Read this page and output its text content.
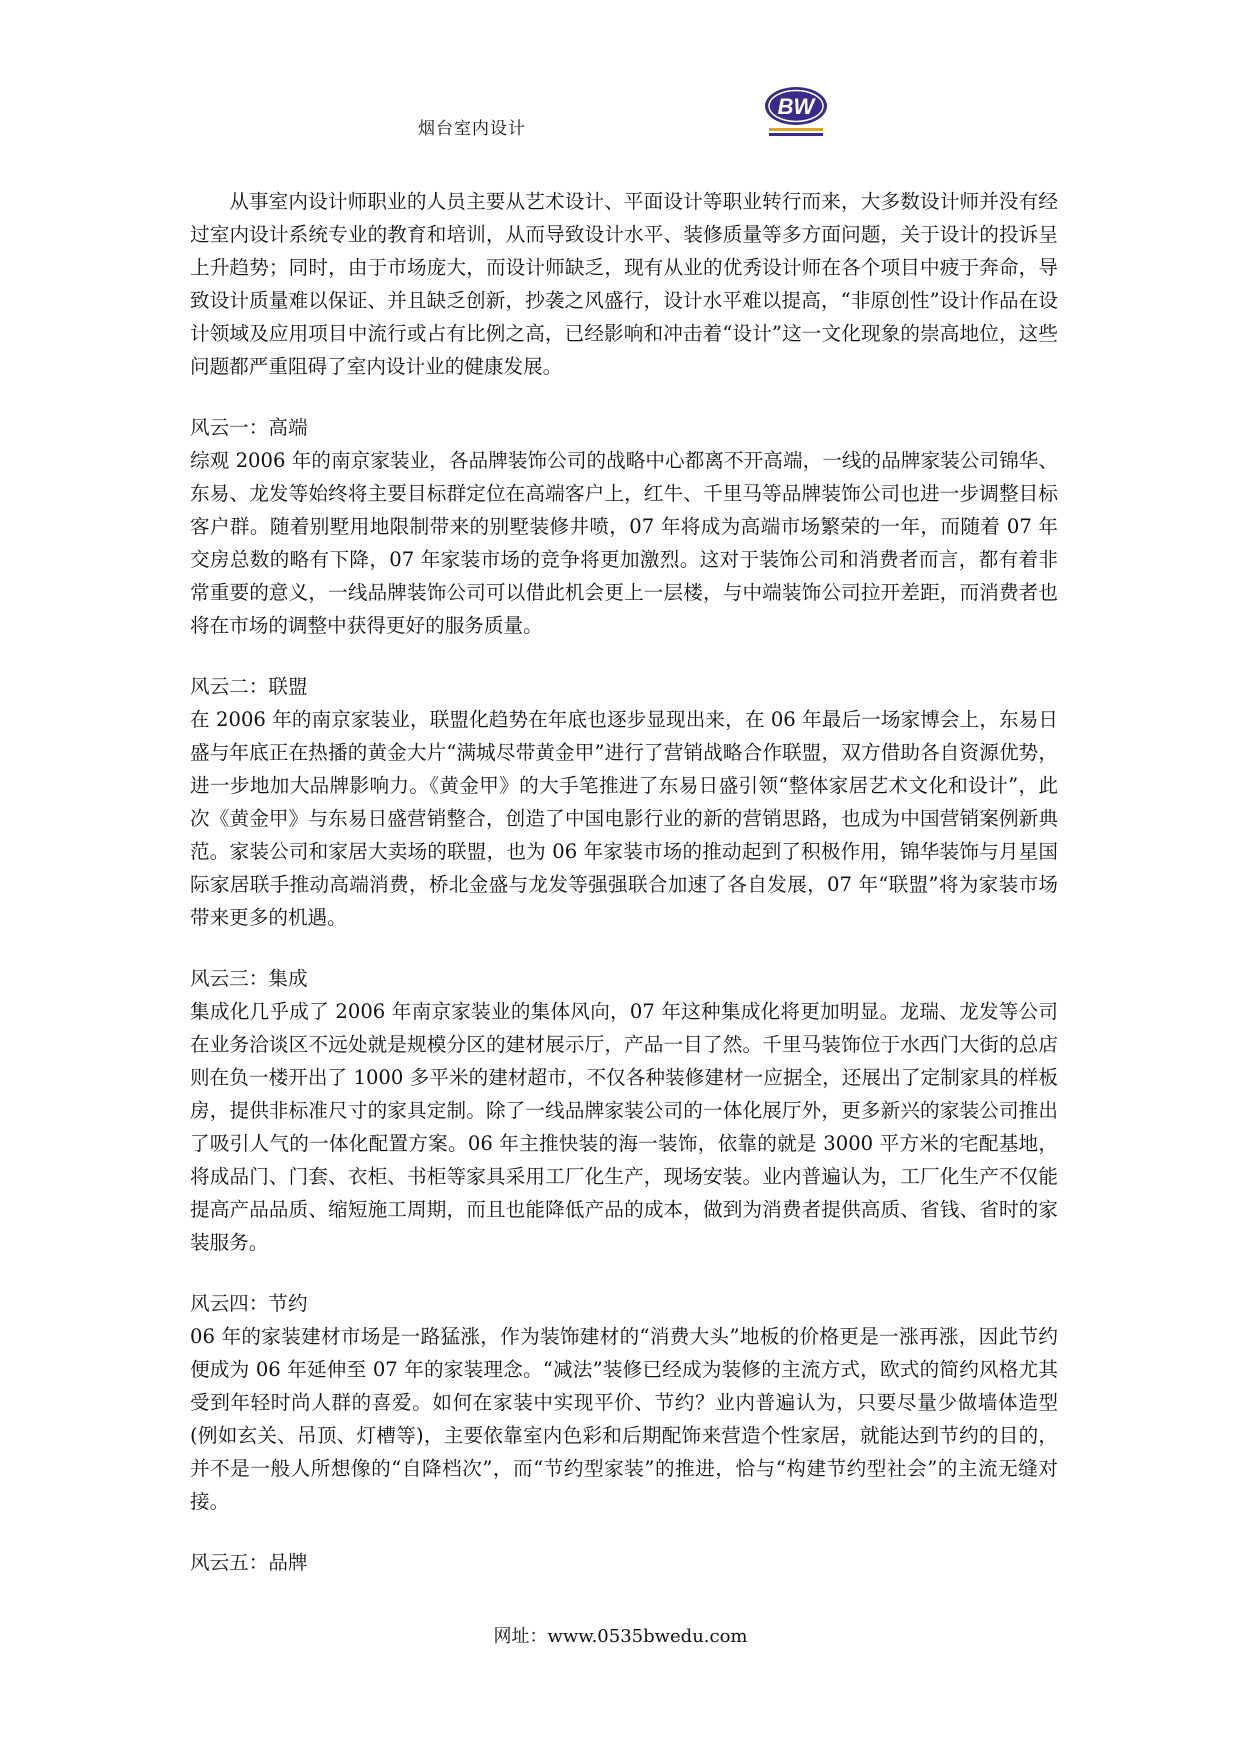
烟台室内设计
BW

从事室内设计师职业的人员主要从艺术设计、平面设计等职业转行而来，大多数设计师并没有经过室内设计系统专业的教育和培训，从而导致设计水平、装修质量等多方面问题，关于设计的投诉呈上升趋势；同时，由于市场庞大，而设计师缺乏，现有从业的优秀设计师在各个项目中疲于奔命，导致设计质量难以保证、并且缺乏创新，抄袭之风盛行，设计水平难以提高，“非原创性”设计作品在设计领域及应用项目中流行或占有比例之高，已经影响和冲击着“设计”这一文化现象的崇高地位，这些问题都严重阻碍了室内设计业的健康发展。

风云一：高端

综观 2006 年的南京家装业，各品牌装饰公司的战略中心都离不开高端，一线的品牌家装公司锦华、东易、龙发等始终将主要目标群定位在高端客户上，红牛、千里马等品牌装饰公司也进一步调整目标客户群。随着别墅用地限制带来的别墅装修井喷，07 年将成为高端市场繁荣的一年，而随着 07 年交房总数的略有下降，07 年家装市场的竞争将更加激烈。这对于装饰公司和消费者而言，都有着非常重要的意义，一线品牌装饰公司可以借此机会更上一层楼，与中端装饰公司拉开差距，而消费者也将在市场的调整中获得更好的服务质量。

风云二：联盟

在 2006 年的南京家装业，联盟化趋势在年底也逐步显现出来，在 06 年最后一场家博会上，东易日盛与年底正在热播的黄金大片“满城尽带黄金甲”进行了营销战略合作联盟，双方借助各自资源优势，进一步地加大品牌影响力。《黄金甲》的大手笔推进了东易日盛引领“整体家居艺术文化和设计”，此次《黄金甲》与东易日盛营销整合，创造了中国电影行业的新的营销思路，也成为中国营销案例新典范。家装公司和家居大卖场的联盟，也为 06 年家装市场的推动起到了积极作用，锦华装饰与月星国际家居联手推动高端消费，桥北金盛与龙发等强强联合加速了各自发展，07 年“联盟”将为家装市场带来更多的机遇。

风云三：集成

集成化几乎成了 2006 年南京家装业的集体风向，07 年这种集成化将更加明显。龙瑞、龙发等公司在业务洽谈区不远处就是规模分区的建材展示厅，产品一目了然。千里马装饰位于水西门大街的总店则在负一楼开出了 1000 多平米的建材超市，不仅各种装修建材一应据全，还展出了定制家具的样板房，提供非标准尺寸的家具定制。除了一线品牌家装公司的一体化展厅外，更多新兴的家装公司推出了吸引人气的一体化配置方案。06 年主推快装的海一装饰，依靠的就是 3000 平方米的宅配基地，将成品门、门套、衣柜、书柜等家具采用工厂化生产，现场安装。业内普遍认为，工厂化生产不仅能提高产品品质、缩短施工周期，而且也能降低产品的成本，做到为消费者提供高质、省钱、省时的家装服务。

风云四：节约

06 年的家装建材市场是一路猛涨，作为装饰建材的“消费大头”地板的价格更是一涨再涨，因此节约便成为 06 年延伸至 07 年的家装理念。“减法”装修已经成为装修的主流方式，欧式的简约风格尤其受到年轻时尚人群的喜爱。如何在家装中实现平价、节约？业内普遍认为，只要尽量少做墙体造型(例如玄关、吊顶、灯槽等)，主要依靠室内色彩和后期配饰来营造个性家居，就能达到节约的目的，并不是一般人所想像的“自降档次”，而“节约型家装”的推进，恰与“构建节约型社会”的主流无缝对接。

风云五：品牌

网址：www.0535bwedu.com
